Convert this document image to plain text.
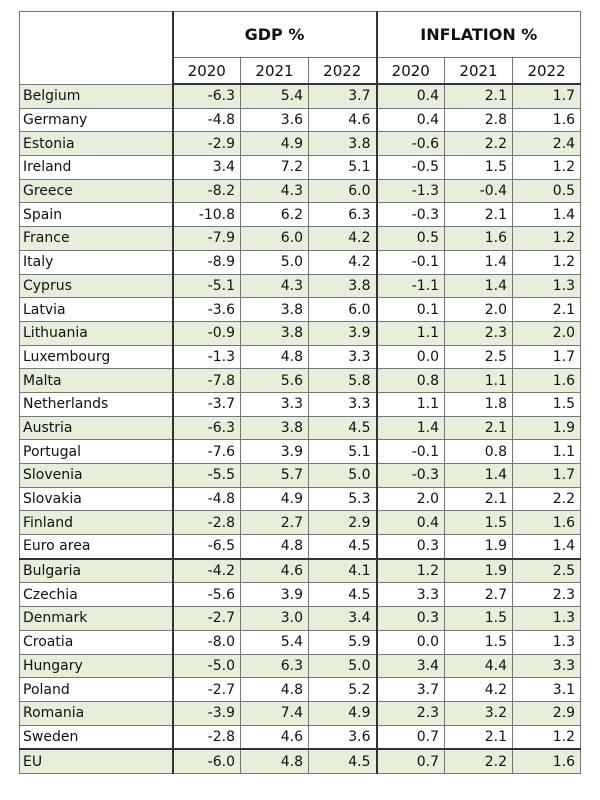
	GDP %			INFLATION %		
	2020	2021	2022	2020	2021	2022
Belgium	-6.3	5.4	3.7	0.4	2.1	1.7
Germany	-4.8	3.6	4.6	0.4	2.8	1.6
Estonia	-2.9	4.9	3.8	-0.6	2.2	2.4
Ireland	3.4	7.2	5.1	-0.5	1.5	1.2
Greece	-8.2	4.3	6.0	-1.3	-0.4	0.5
Spain	-10.8	6.2	6.3	-0.3	2.1	1.4
France	-7.9	6.0	4.2	0.5	1.6	1.2
Italy	-8.9	5.0	4.2	-0.1	1.4	1.2
Cyprus	-5.1	4.3	3.8	-1.1	1.4	1.3
Latvia	-3.6	3.8	6.0	0.1	2.0	2.1
Lithuania	-0.9	3.8	3.9	1.1	2.3	2.0
Luxembourg	-1.3	4.8	3.3	0.0	2.5	1.7
Malta	-7.8	5.6	5.8	0.8	1.1	1.6
Netherlands	-3.7	3.3	3.3	1.1	1.8	1.5
Austria	-6.3	3.8	4.5	1.4	2.1	1.9
Portugal	-7.6	3.9	5.1	-0.1	0.8	1.1
Slovenia	-5.5	5.7	5.0	-0.3	1.4	1.7
Slovakia	-4.8	4.9	5.3	2.0	2.1	2.2
Finland	-2.8	2.7	2.9	0.4	1.5	1.6
Euro area	-6.5	4.8	4.5	0.3	1.9	1.4
Bulgaria	-4.2	4.6	4.1	1.2	1.9	2.5
Czechia	-5.6	3.9	4.5	3.3	2.7	2.3
Denmark	-2.7	3.0	3.4	0.3	1.5	1.3
Croatia	-8.0	5.4	5.9	0.0	1.5	1.3
Hungary	-5.0	6.3	5.0	3.4	4.4	3.3
Poland	-2.7	4.8	5.2	3.7	4.2	3.1
Romania	-3.9	7.4	4.9	2.3	3.2	2.9
Sweden	-2.8	4.6	3.6	0.7	2.1	1.2
EU	-6.0	4.8	4.5	0.7	2.2	1.6
